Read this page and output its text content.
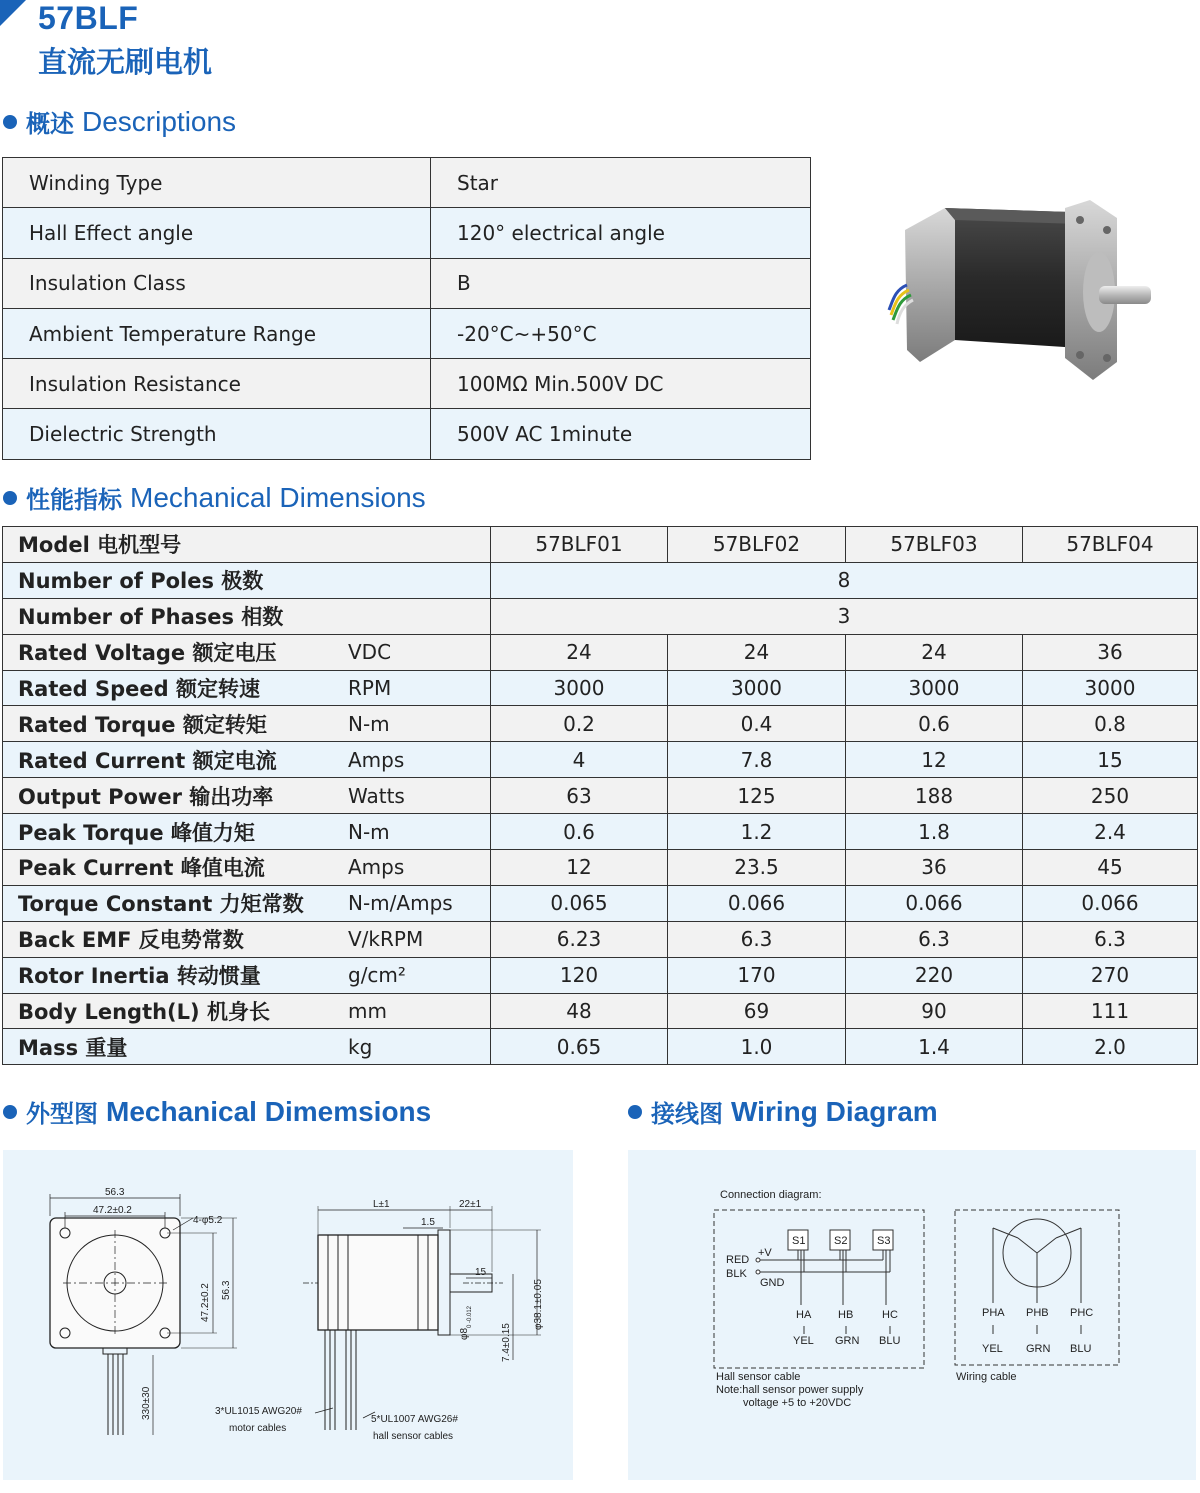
57BLF
直流无刷电机
概述 Descriptions
Winding Type	Star
Hall Effect angle	120° electrical angle
Insulation Class	B
Ambient Temperature Range	-20°C~+50°C
Insulation Resistance	100MΩ Min.500V DC
Dielectric Strength	500V AC 1minute
性能指标 Mechanical Dimensions
Model 电机型号	57BLF01	57BLF02	57BLF03	57BLF04
Number of Poles 极数	8			
Number of Phases 相数	3			
Rated Voltage 额定电压 VDC	24	24	24	36
Rated Speed 额定转速 RPM	3000	3000	3000	3000
Rated Torque 额定转矩 N-m	0.2	0.4	0.6	0.8
Rated Current 额定电流 Amps	4	7.8	12	15
Output Power 输出功率 Watts	63	125	188	250
Peak Torque 峰值力矩 N-m	0.6	1.2	1.8	2.4
Peak Current 峰值电流 Amps	12	23.5	36	45
Torque Constant 力矩常数 N-m/Amps	0.065	0.066	0.066	0.066
Back EMF 反电势常数 V/kRPM	6.23	6.3	6.3	6.3
Rotor Inertia 转动惯量 g/cm²	120	170	220	270
Body Length(L) 机身长 mm	48	69	90	111
Mass 重量 kg	0.65	1.0	1.4	2.0
外型图 Mechanical Dimemsions
56.3
47.2±0.2
4-φ5.2
47.2±0.2 56.3
330±30
L±1	22±1
1.5
15
φ8
0 -0.012
7.4±0.15
φ38.1±0.05
3*UL1015 AWG20#
motor cables
5*UL1007 AWG26#
hall sensor cables
接线图 Wiring Diagram
Connection diagram:
RED
BLK
+V
GND
S1	S2	S3
HA HB	HC
YEL GRN BLU
PHA PHB PHC
YEL GRN BLU
Hall sensor cable
Note:hall sensor power supply
voltage +5 to +20VDC
Wiring cable
